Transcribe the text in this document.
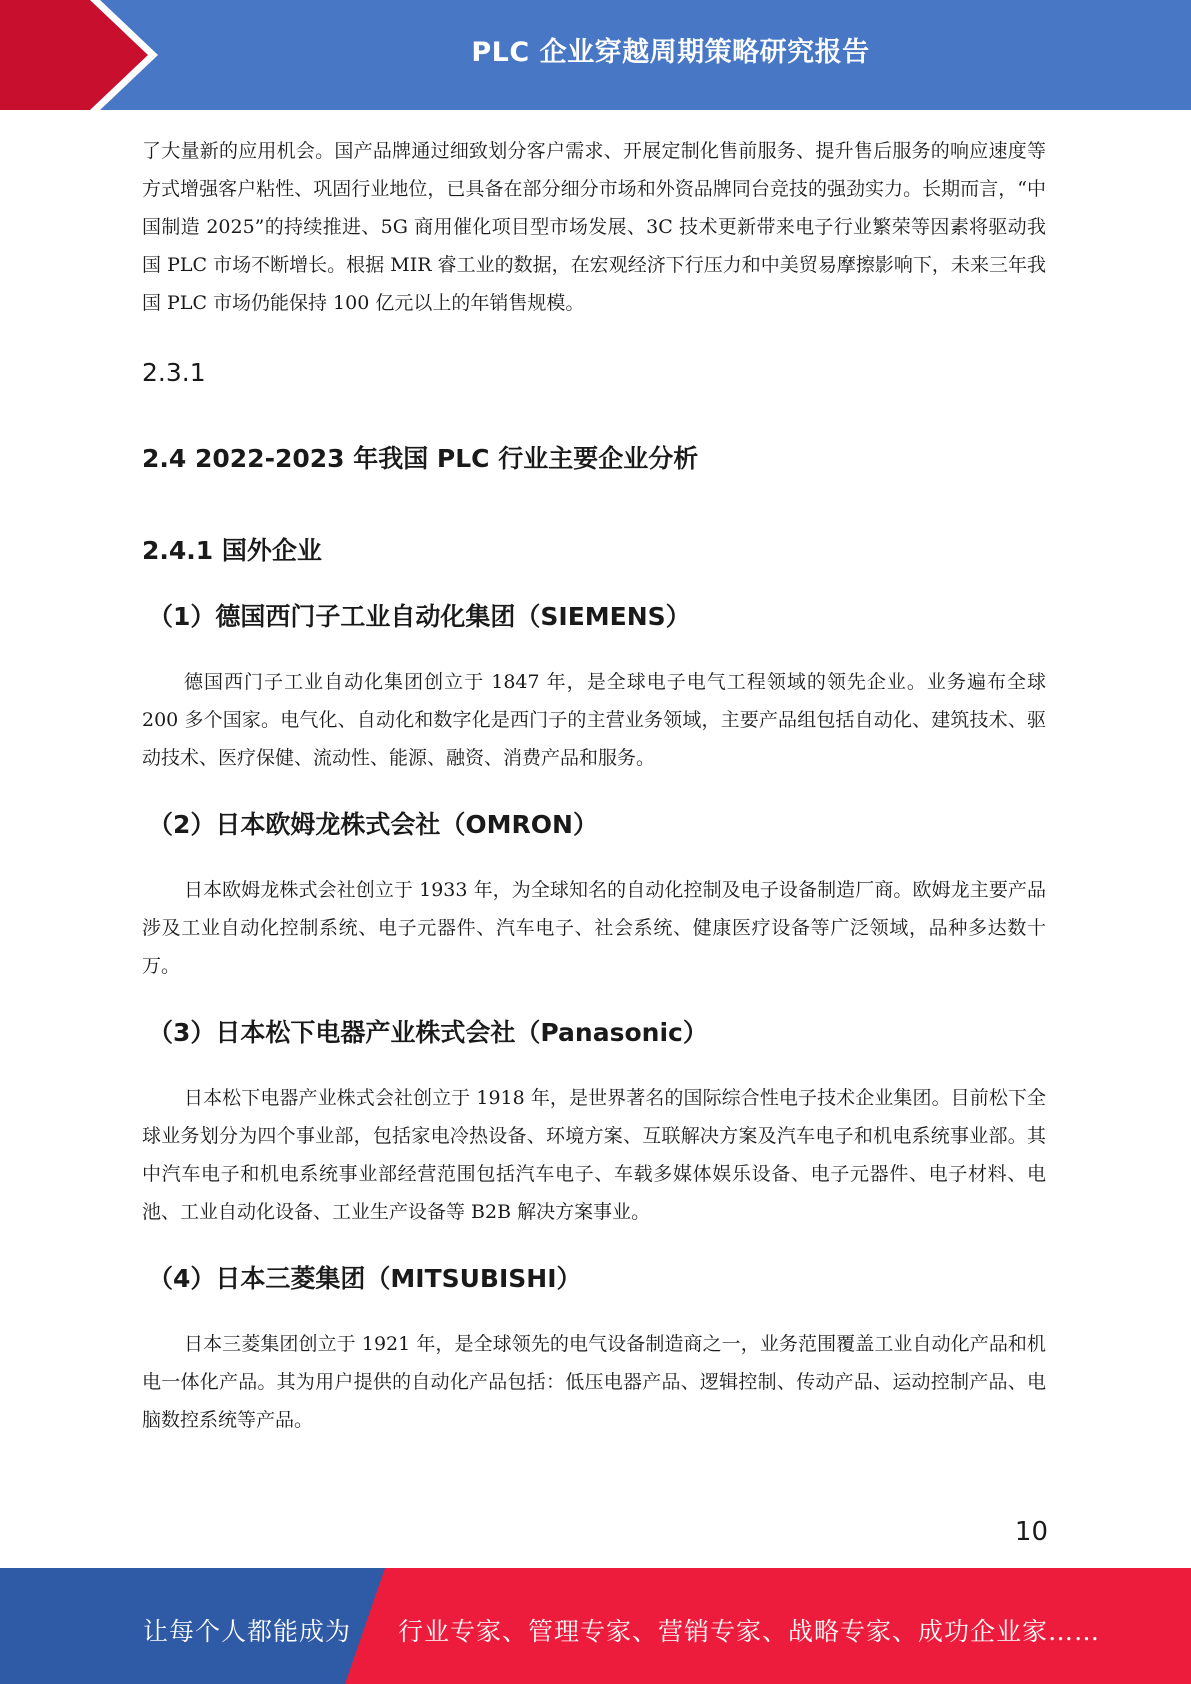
PLC 企业穿越周期策略研究报告

了大量新的应用机会。国产品牌通过细致划分客户需求、开展定制化售前服务、提升售后服务的响应速度等方式增强客户粘性、巩固行业地位，已具备在部分细分市场和外资品牌同台竞技的强劲实力。长期而言，“中国制造 2025”的持续推进、5G 商用催化项目型市场发展、3C 技术更新带来电子行业繁荣等因素将驱动我国 PLC 市场不断增长。根据 MIR 睿工业的数据，在宏观经济下行压力和中美贸易摩擦影响下，未来三年我国 PLC 市场仍能保持 100 亿元以上的年销售规模。

2.3.1
2.4 2022-2023 年我国 PLC 行业主要企业分析
2.4.1 国外企业
（1）德国西门子工业自动化集团（SIEMENS）

德国西门子工业自动化集团创立于 1847 年，是全球电子电气工程领域的领先企业。业务遍布全球 200 多个国家。电气化、自动化和数字化是西门子的主营业务领域，主要产品组包括自动化、建筑技术、驱动技术、医疗保健、流动性、能源、融资、消费产品和服务。

（2）日本欧姆龙株式会社（OMRON）

日本欧姆龙株式会社创立于 1933 年，为全球知名的自动化控制及电子设备制造厂商。欧姆龙主要产品涉及工业自动化控制系统、电子元器件、汽车电子、社会系统、健康医疗设备等广泛领域，品种多达数十万。

（3）日本松下电器产业株式会社（Panasonic）

日本松下电器产业株式会社创立于 1918 年，是世界著名的国际综合性电子技术企业集团。目前松下全球业务划分为四个事业部，包括家电冷热设备、环境方案、互联解决方案及汽车电子和机电系统事业部。其中汽车电子和机电系统事业部经营范围包括汽车电子、车载多媒体娱乐设备、电子元器件、电子材料、电池、工业自动化设备、工业生产设备等 B2B 解决方案事业。

（4）日本三菱集团（MITSUBISHI）

日本三菱集团创立于 1921 年，是全球领先的电气设备制造商之一，业务范围覆盖工业自动化产品和机电一体化产品。其为用户提供的自动化产品包括：低压电器产品、逻辑控制、传动产品、运动控制产品、电脑数控系统等产品。

10
让每个人都能成为 行业专家、管理专家、营销专家、战略专家、成功企业家……
